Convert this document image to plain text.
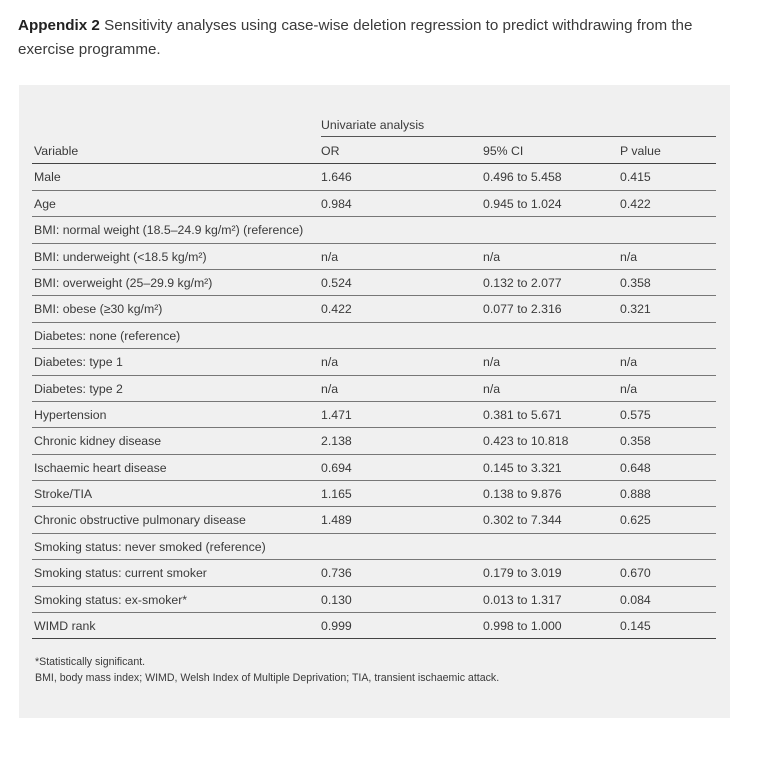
Appendix 2 Sensitivity analyses using case-wise deletion regression to predict withdrawing from the exercise programme.
Univariate analysis
Variable	OR	95% CI	P value
Male	1.646	0.496 to 5.458	0.415
Age	0.984	0.945 to 1.024	0.422
BMI: normal weight (18.5–24.9 kg/m²) (reference)
BMI: underweight (<18.5 kg/m²)	n/a	n/a	n/a
BMI: overweight (25–29.9 kg/m²)	0.524	0.132 to 2.077	0.358
BMI: obese (≥30 kg/m²)	0.422	0.077 to 2.316	0.321
Diabetes: none (reference)
Diabetes: type 1	n/a	n/a	n/a
Diabetes: type 2	n/a	n/a	n/a
Hypertension	1.471	0.381 to 5.671	0.575
Chronic kidney disease	2.138	0.423 to 10.818	0.358
Ischaemic heart disease	0.694	0.145 to 3.321	0.648
Stroke/TIA	1.165	0.138 to 9.876	0.888
Chronic obstructive pulmonary disease	1.489	0.302 to 7.344	0.625
Smoking status: never smoked (reference)
Smoking status: current smoker	0.736	0.179 to 3.019	0.670
Smoking status: ex-smoker*	0.130	0.013 to 1.317	0.084
WIMD rank	0.999	0.998 to 1.000	0.145
*Statistically significant.
BMI, body mass index; WIMD, Welsh Index of Multiple Deprivation; TIA, transient ischaemic attack.
